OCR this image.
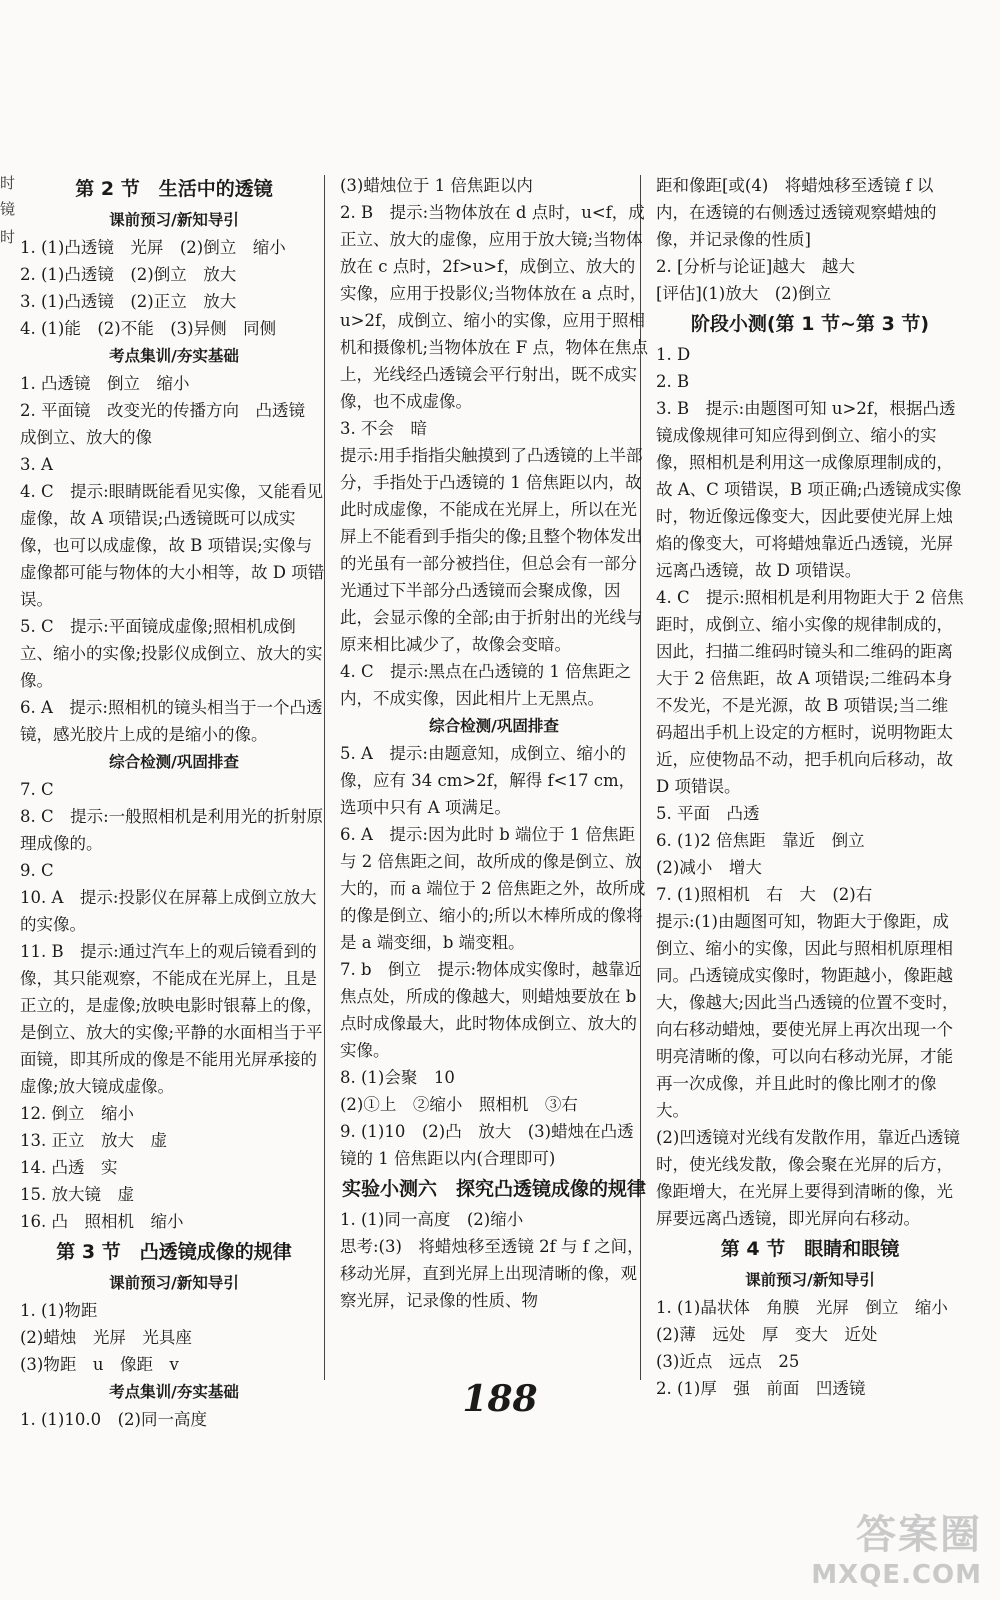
时
镜
时
第 2 节　生活中的透镜
课前预习/新知导引
1. (1)凸透镜　光屏　(2)倒立　缩小
2. (1)凸透镜　(2)倒立　放大
3. (1)凸透镜　(2)正立　放大
4. (1)能　(2)不能　(3)异侧　同侧
考点集训/夯实基础
1. 凸透镜　倒立　缩小
2. 平面镜　改变光的传播方向　凸透镜　成倒立、放大的像
3. A
4. C　提示:眼睛既能看见实像，又能看见虚像，故 A 项错误;凸透镜既可以成实像，也可以成虚像，故 B 项错误;实像与虚像都可能与物体的大小相等，故 D 项错误。
5. C　提示:平面镜成虚像;照相机成倒立、缩小的实像;投影仪成倒立、放大的实像。
6. A　提示:照相机的镜头相当于一个凸透镜，感光胶片上成的是缩小的像。
综合检测/巩固排查
7. C
8. C　提示:一般照相机是利用光的折射原理成像的。
9. C
10. A　提示:投影仪在屏幕上成倒立放大的实像。
11. B　提示:通过汽车上的观后镜看到的像，其只能观察，不能成在光屏上，且是正立的，是虚像;放映电影时银幕上的像，是倒立、放大的实像;平静的水面相当于平面镜，即其所成的像是不能用光屏承接的虚像;放大镜成虚像。
12. 倒立　缩小
13. 正立　放大　虚
14. 凸透　实
15. 放大镜　虚
16. 凸　照相机　缩小
第 3 节　凸透镜成像的规律
课前预习/新知导引
1. (1)物距
(2)蜡烛　光屏　光具座
(3)物距　u　像距　v
考点集训/夯实基础
1. (1)10.0　(2)同一高度
(3)蜡烛位于 1 倍焦距以内
2. B　提示:当物体放在 d 点时，u<f，成正立、放大的虚像，应用于放大镜;当物体放在 c 点时，2f>u>f，成倒立、放大的实像，应用于投影仪;当物体放在 a 点时，u>2f，成倒立、缩小的实像，应用于照相机和摄像机;当物体放在 F 点，物体在焦点上，光线经凸透镜会平行射出，既不成实像，也不成虚像。
3. 不会　暗
提示:用手指指尖触摸到了凸透镜的上半部分，手指处于凸透镜的 1 倍焦距以内，故此时成虚像，不能成在光屏上，所以在光屏上不能看到手指尖的像;且整个物体发出的光虽有一部分被挡住，但总会有一部分光通过下半部分凸透镜而会聚成像，因此，会显示像的全部;由于折射出的光线与原来相比减少了，故像会变暗。
4. C　提示:黑点在凸透镜的 1 倍焦距之内，不成实像，因此相片上无黑点。
综合检测/巩固排查
5. A　提示:由题意知，成倒立、缩小的像，应有 34 cm>2f，解得 f<17 cm，选项中只有 A 项满足。
6. A　提示:因为此时 b 端位于 1 倍焦距与 2 倍焦距之间，故所成的像是倒立、放大的，而 a 端位于 2 倍焦距之外，故所成的像是倒立、缩小的;所以木棒所成的像将是 a 端变细，b 端变粗。
7. b　倒立　提示:物体成实像时，越靠近焦点处，所成的像越大，则蜡烛要放在 b 点时成像最大，此时物体成倒立、放大的实像。
8. (1)会聚　10
(2)①上　②缩小　照相机　③右
9. (1)10　(2)凸　放大　(3)蜡烛在凸透镜的 1 倍焦距以内(合理即可)
实验小测六　探究凸透镜成像的规律
1. (1)同一高度　(2)缩小
思考:(3)　将蜡烛移至透镜 2f 与 f 之间，移动光屏，直到光屏上出现清晰的像，观察光屏，记录像的性质、物
距和像距[或(4)　将蜡烛移至透镜 f 以内，在透镜的右侧透过透镜观察蜡烛的像，并记录像的性质]
2. [分析与论证]越大　越大
[评估](1)放大　(2)倒立
阶段小测(第 1 节~第 3 节)
1. D
2. B
3. B　提示:由题图可知 u>2f，根据凸透镜成像规律可知应得到倒立、缩小的实像，照相机是利用这一成像原理制成的，故 A、C 项错误，B 项正确;凸透镜成实像时，物近像远像变大，因此要使光屏上烛焰的像变大，可将蜡烛靠近凸透镜，光屏远离凸透镜，故 D 项错误。
4. C　提示:照相机是利用物距大于 2 倍焦距时，成倒立、缩小实像的规律制成的，因此，扫描二维码时镜头和二维码的距离大于 2 倍焦距，故 A 项错误;二维码本身不发光，不是光源，故 B 项错误;当二维码超出手机上设定的方框时，说明物距太近，应使物品不动，把手机向后移动，故 D 项错误。
5. 平面　凸透
6. (1)2 倍焦距　靠近　倒立
(2)减小　增大
7. (1)照相机　右　大　(2)右
提示:(1)由题图可知，物距大于像距，成倒立、缩小的实像，因此与照相机原理相同。凸透镜成实像时，物距越小，像距越大，像越大;因此当凸透镜的位置不变时，向右移动蜡烛，要使光屏上再次出现一个明亮清晰的像，可以向右移动光屏，才能再一次成像，并且此时的像比刚才的像大。
(2)凹透镜对光线有发散作用，靠近凸透镜时，使光线发散，像会聚在光屏的后方，像距增大，在光屏上要得到清晰的像，光屏要远离凸透镜，即光屏向右移动。
第 4 节　眼睛和眼镜
课前预习/新知导引
1. (1)晶状体　角膜　光屏　倒立　缩小
(2)薄　远处　厚　变大　近处
(3)近点　远点　25
2. (1)厚　强　前面　凹透镜
188
答案圈
MXQE.COM
